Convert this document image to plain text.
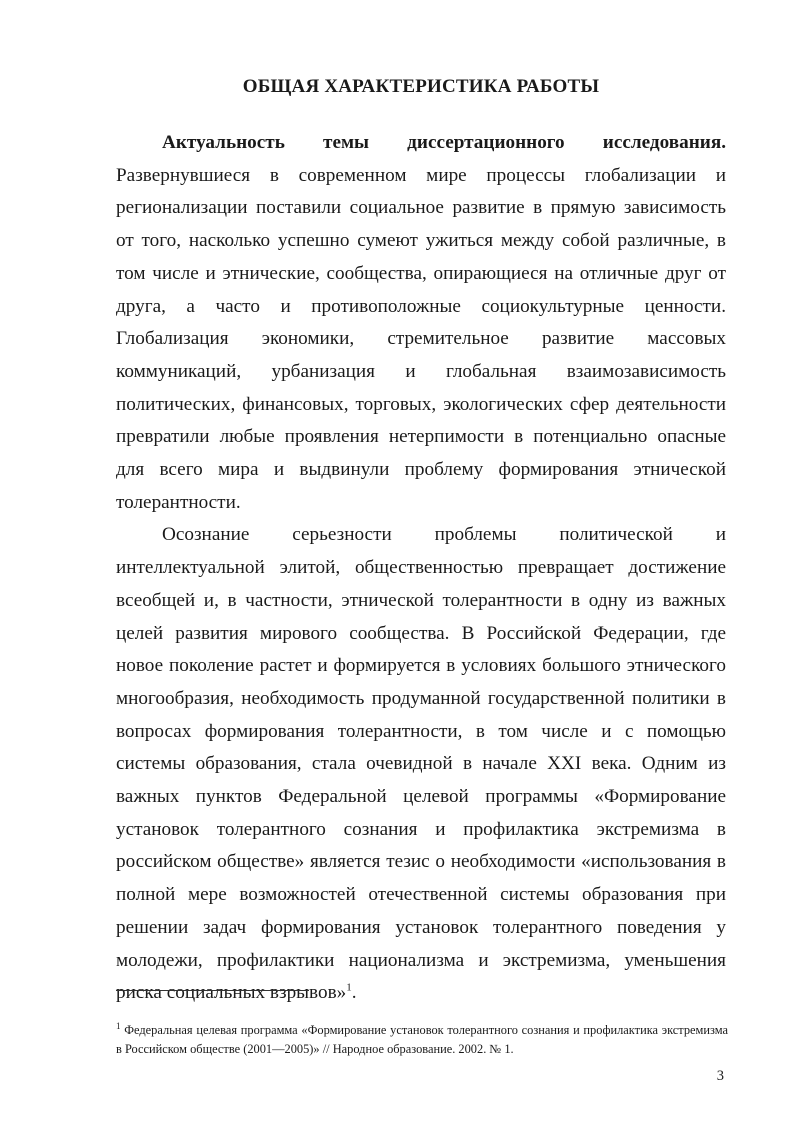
ОБЩАЯ ХАРАКТЕРИСТИКА РАБОТЫ

Актуальность темы диссертационного исследования. Развернувшиеся в современном мире процессы глобализации и регионализации поставили социальное развитие в прямую зависимость от того, насколько успешно сумеют ужиться между собой различные, в том числе и этнические, сообщества, опирающиеся на отличные друг от друга, а часто и противоположные социокультурные ценности. Глобализация экономики, стремительное развитие массовых коммуникаций, урбанизация и глобальная взаимозависимость политических, финансовых, торговых, экологических сфер деятельности превратили любые проявления нетерпимости в потенциально опасные для всего мира и выдвинули проблему формирования этнической толерантности.

Осознание серьезности проблемы политической и интеллектуальной элитой, общественностью превращает достижение всеобщей и, в частности, этнической толерантности в одну из важных целей развития мирового сообщества. В Российской Федерации, где новое поколение растет и формируется в условиях большого этнического многообразия, необходимость продуманной государственной политики в вопросах формирования толерантности, в том числе и с помощью системы образования, стала очевидной в начале XXI века. Одним из важных пунктов Федеральной целевой программы «Формирование установок толерантного сознания и профилактика экстремизма в российском обществе» является тезис о необходимости «использования в полной мере возможностей отечественной системы образования при решении задач формирования установок толерантного поведения у молодежи, профилактики национализма и экстремизма, уменьшения риска социальных взрывов»$^1$.

$^1$ Федеральная целевая программа «Формирование установок толерантного сознания и профилактика экстремизма в Российском обществе (2001—2005)» // Народное образование. 2002. № 1.
3
